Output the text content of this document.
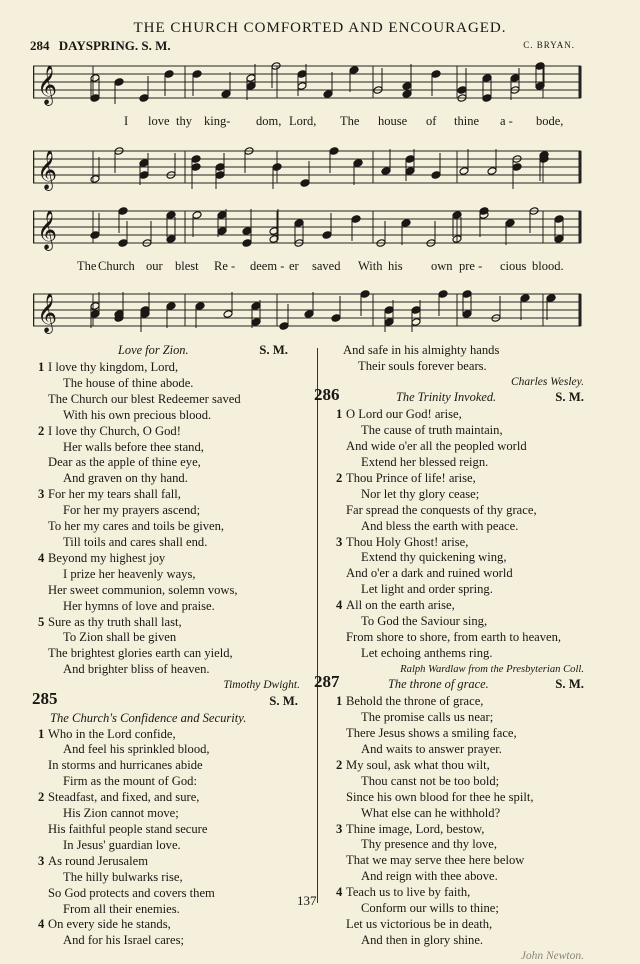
THE CHURCH COMFORTED AND ENCOURAGED.
284 DAYSPRING. S. M.	C. BRYAN.
𝄞
I love thy king- dom, Lord, The house of thine a - bode,
𝄞
𝄞
The Church our blest Re - deem - er saved With his own pre - cious blood.
𝄞
Love for Zion.	S. M.
1 I love thy kingdom, Lord,
The house of thine abode.
The Church our blest Redeemer saved
With his own precious blood.
2 I love thy Church, O God!
Her walls before thee stand,
Dear as the apple of thine eye,
And graven on thy hand.
3 For her my tears shall fall,
For her my prayers ascend;
To her my cares and toils be given,
Till toils and cares shall end.
4 Beyond my highest joy
I prize her heavenly ways,
Her sweet communion, solemn vows,
Her hymns of love and praise.
5 Sure as thy truth shall last,
To Zion shall be given
The brightest glories earth can yield,
And brighter bliss of heaven.
Timothy Dwight.
285	S. M.
The Church's Confidence and Security.
1 Who in the Lord confide,
And feel his sprinkled blood,
In storms and hurricanes abide
Firm as the mount of God:
2 Steadfast, and fixed, and sure,
His Zion cannot move;
His faithful people stand secure
In Jesus' guardian love.
3 As round Jerusalem
The hilly bulwarks rise,
So God protects and covers them
From all their enemies.
4 On every side he stands,
And for his Israel cares;
And safe in his almighty hands
Their souls forever bears.
Charles Wesley.
286	The Trinity Invoked.	S. M.
1 O Lord our God! arise,
The cause of truth maintain,
And wide o'er all the peopled world
Extend her blessed reign.
2 Thou Prince of life! arise,
Nor let thy glory cease;
Far spread the conquests of thy grace,
And bless the earth with peace.
3 Thou Holy Ghost! arise,
Extend thy quickening wing,
And o'er a dark and ruined world
Let light and order spring.
4 All on the earth arise,
To God the Saviour sing,
From shore to shore, from earth to heaven,
Let echoing anthems ring.
Ralph Wardlaw from the Presbyterian Coll.
287	The throne of grace.	S. M.
1 Behold the throne of grace,
The promise calls us near;
There Jesus shows a smiling face,
And waits to answer prayer.
2 My soul, ask what thou wilt,
Thou canst not be too bold;
Since his own blood for thee he spilt,
What else can he withhold?
3 Thine image, Lord, bestow,
Thy presence and thy love,
That we may serve thee here below
And reign with thee above.
4 Teach us to live by faith,
Conform our wills to thine;
Let us victorious be in death,
And then in glory shine.
John Newton.
137
